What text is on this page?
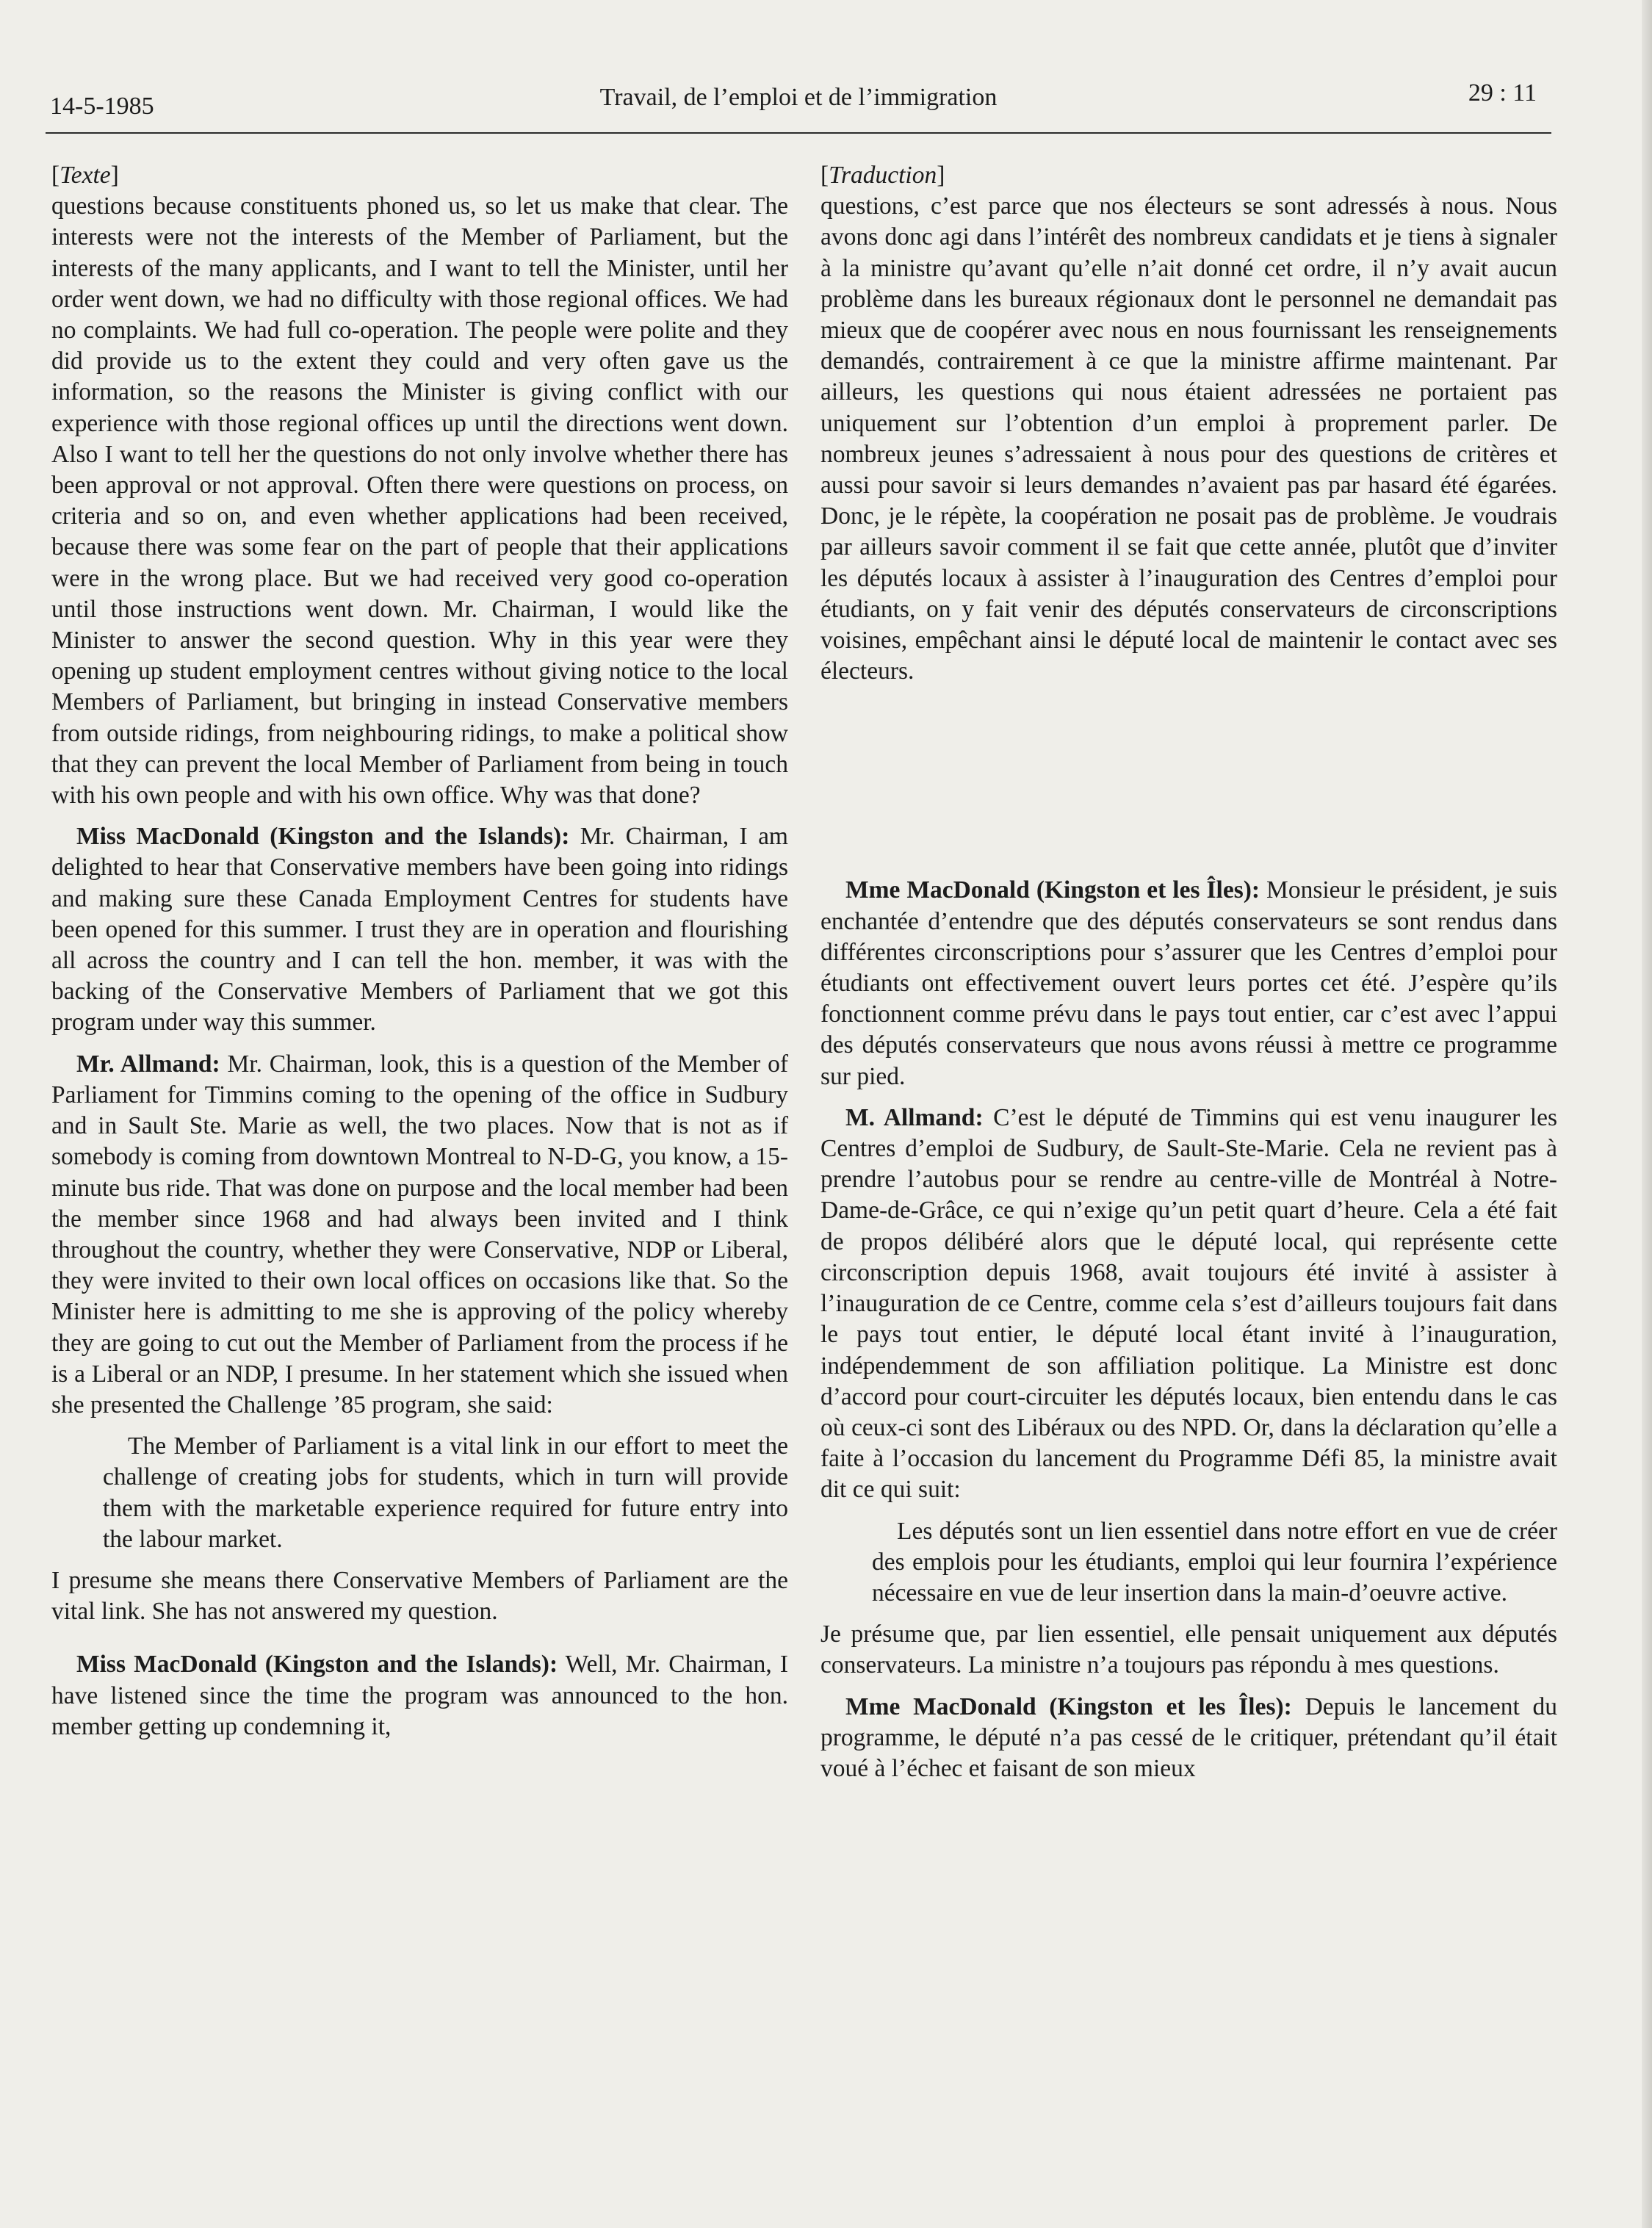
14-5-1985	Travail, de l’emploi et de l’immigration	29 : 11

[Texte]

questions because constituents phoned us, so let us make that clear. The interests were not the interests of the Member of Parliament, but the interests of the many applicants, and I want to tell the Minister, until her order went down, we had no difficulty with those regional offices. We had no complaints. We had full co-operation. The people were polite and they did provide us to the extent they could and very often gave us the information, so the reasons the Minister is giving conflict with our experience with those regional offices up until the directions went down. Also I want to tell her the questions do not only involve whether there has been approval or not approval. Often there were questions on process, on criteria and so on, and even whether applications had been received, because there was some fear on the part of people that their applications were in the wrong place. But we had received very good co-operation until those instructions went down. Mr. Chairman, I would like the Minister to answer the second question. Why in this year were they opening up student employment centres without giving notice to the local Members of Parliament, but bringing in instead Conservative members from outside ridings, from neighbouring ridings, to make a political show that they can prevent the local Member of Parliament from being in touch with his own people and with his own office. Why was that done?

Miss MacDonald (Kingston and the Islands): Mr. Chairman, I am delighted to hear that Conservative members have been going into ridings and making sure these Canada Employment Centres for students have been opened for this summer. I trust they are in operation and flourishing all across the country and I can tell the hon. member, it was with the backing of the Conservative Members of Parliament that we got this program under way this summer.

Mr. Allmand: Mr. Chairman, look, this is a question of the Member of Parliament for Timmins coming to the opening of the office in Sudbury and in Sault Ste. Marie as well, the two places. Now that is not as if somebody is coming from downtown Montreal to N-D-G, you know, a 15-minute bus ride. That was done on purpose and the local member had been the member since 1968 and had always been invited and I think throughout the country, whether they were Conservative, NDP or Liberal, they were invited to their own local offices on occasions like that. So the Minister here is admitting to me she is approving of the policy whereby they are going to cut out the Member of Parliament from the process if he is a Liberal or an NDP, I presume. In her statement which she issued when she presented the Challenge ’85 program, she said:

The Member of Parliament is a vital link in our effort to meet the challenge of creating jobs for students, which in turn will provide them with the marketable experience required for future entry into the labour market.

I presume she means there Conservative Members of Parliament are the vital link. She has not answered my question.

Miss MacDonald (Kingston and the Islands): Well, Mr. Chairman, I have listened since the time the program was announced to the hon. member getting up condemning it,

[Traduction]

questions, c’est parce que nos électeurs se sont adressés à nous. Nous avons donc agi dans l’intérêt des nombreux candidats et je tiens à signaler à la ministre qu’avant qu’elle n’ait donné cet ordre, il n’y avait aucun problème dans les bureaux régionaux dont le personnel ne demandait pas mieux que de coopérer avec nous en nous fournissant les renseignements demandés, contrairement à ce que la ministre affirme maintenant. Par ailleurs, les questions qui nous étaient adressées ne portaient pas uniquement sur l’obtention d’un emploi à proprement parler. De nombreux jeunes s’adressaient à nous pour des questions de critères et aussi pour savoir si leurs demandes n’avaient pas par hasard été égarées. Donc, je le répète, la coopération ne posait pas de problème. Je voudrais par ailleurs savoir comment il se fait que cette année, plutôt que d’inviter les députés locaux à assister à l’inauguration des Centres d’emploi pour étudiants, on y fait venir des députés conservateurs de circonscriptions voisines, empêchant ainsi le député local de maintenir le contact avec ses électeurs.

Mme MacDonald (Kingston et les Îles): Monsieur le président, je suis enchantée d’entendre que des députés conservateurs se sont rendus dans différentes circonscriptions pour s’assurer que les Centres d’emploi pour étudiants ont effectivement ouvert leurs portes cet été. J’espère qu’ils fonctionnent comme prévu dans le pays tout entier, car c’est avec l’appui des députés conservateurs que nous avons réussi à mettre ce programme sur pied.

M. Allmand: C’est le député de Timmins qui est venu inaugurer les Centres d’emploi de Sudbury, de Sault-Ste-Marie. Cela ne revient pas à prendre l’autobus pour se rendre au centre-ville de Montréal à Notre-Dame-de-Grâce, ce qui n’exige qu’un petit quart d’heure. Cela a été fait de propos délibéré alors que le député local, qui représente cette circonscription depuis 1968, avait toujours été invité à assister à l’inauguration de ce Centre, comme cela s’est d’ailleurs toujours fait dans le pays tout entier, le député local étant invité à l’inauguration, indépendemment de son affiliation politique. La Ministre est donc d’accord pour court-circuiter les députés locaux, bien entendu dans le cas où ceux-ci sont des Libéraux ou des NPD. Or, dans la déclaration qu’elle a faite à l’occasion du lancement du Programme Défi 85, la ministre avait dit ce qui suit:

Les députés sont un lien essentiel dans notre effort en vue de créer des emplois pour les étudiants, emploi qui leur fournira l’expérience nécessaire en vue de leur insertion dans la main-d’oeuvre active.

Je présume que, par lien essentiel, elle pensait uniquement aux députés conservateurs. La ministre n’a toujours pas répondu à mes questions.

Mme MacDonald (Kingston et les Îles): Depuis le lancement du programme, le député n’a pas cessé de le critiquer, prétendant qu’il était voué à l’échec et faisant de son mieux
